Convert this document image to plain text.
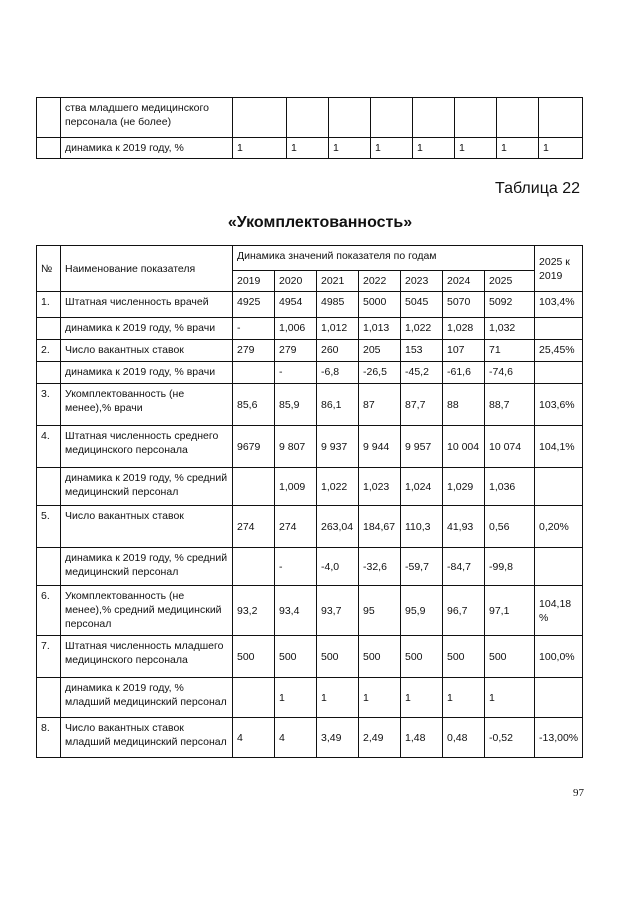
	ства младшего медицинского персонала (не более)								
	динамика к 2019 году, %	1	1	1	1	1	1	1	1
Таблица 22
«Укомплектованность»
№	Наименование показателя	Динамика значений показателя по годам							2025 к 2019
		2019	2020	2021	2022	2023	2024	2025	
1.	Штатная численность врачей	4925	4954	4985	5000	5045	5070	5092	103,4%
	динамика к 2019 году, % врачи	-	1,006	1,012	1,013	1,022	1,028	1,032	
2.	Число вакантных ставок	279	279	260	205	153	107	71	25,45%
	динамика к 2019 году, % врачи		-	-6,8	-26,5	-45,2	-61,6	-74,6	
3.	Укомплектованность (не менее),% врачи	85,6	85,9	86,1	87	87,7	88	88,7	103,6%
4.	Штатная численность среднего медицинского персонала	9679	9 807	9 937	9 944	9 957	10 004	10 074	104,1%
	динамика к 2019 году, % средний медицинский персонал		1,009	1,022	1,023	1,024	1,029	1,036	
5.	Число вакантных ставок	274	274	263,04	184,67	110,3	41,93	0,56	0,20%
	динамика к 2019 году, % средний медицинский персонал		-	-4,0	-32,6	-59,7	-84,7	-99,8	
6.	Укомплектованность (не менее),% средний медицинский персонал	93,2	93,4	93,7	95	95,9	96,7	97,1	104,18 %
7.	Штатная численность младшего медицинского персонала	500	500	500	500	500	500	500	100,0%
	динамика к 2019 году, % младший медицинский персонал		1	1	1	1	1	1	
8.	Число вакантных ставок младший медицинский персонал	4	4	3,49	2,49	1,48	0,48	-0,52	-13,00%
97
